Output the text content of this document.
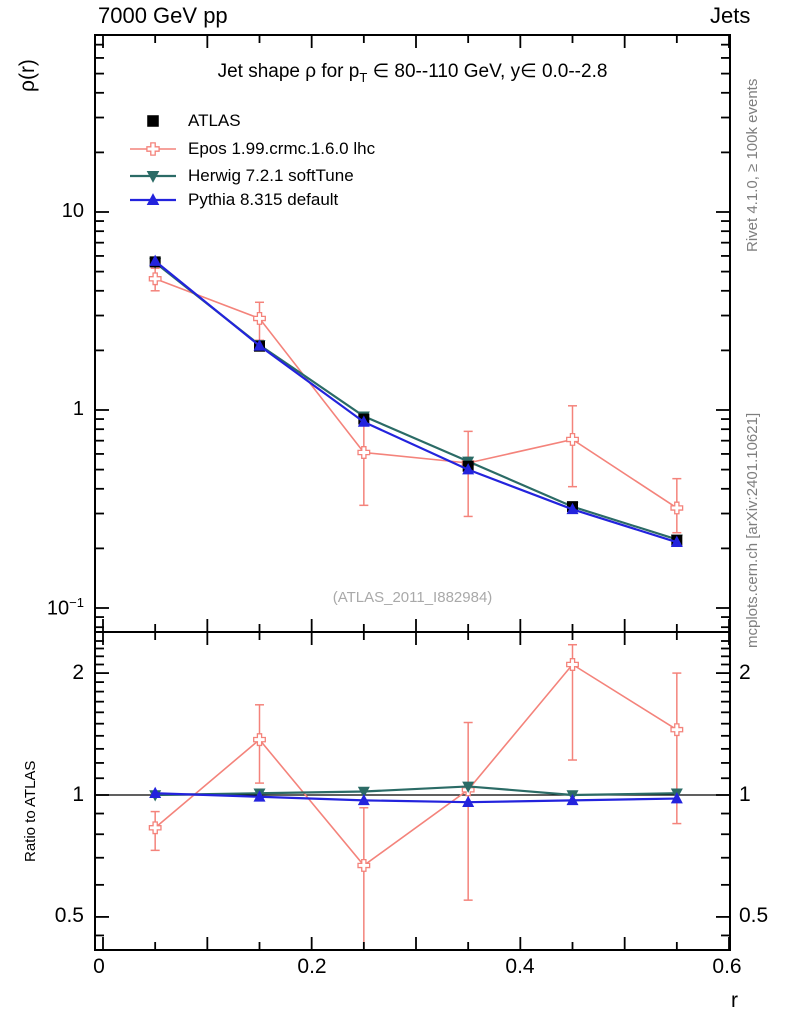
7000 GeV pp	Jets
Jet shape ρ for $p_T$ ∈ 80--110 GeV, y∈ 0.0--2.8
ρ(r)
ATLAS
Epos 1.99.crmc.1.6.0 lhc
Herwig 7.2.1 softTune
Pythia 8.315 default
10
1
$10^{-1}$	(ATLAS_2011_I882984)
Rivet 4.1.0, ≥ 100k events
mcplots.cern.ch [arXiv:2401.10621]
Ratio to ATLAS
2
1
0.5
2
1
0.5
0	0.2	0.4	0.6
r
